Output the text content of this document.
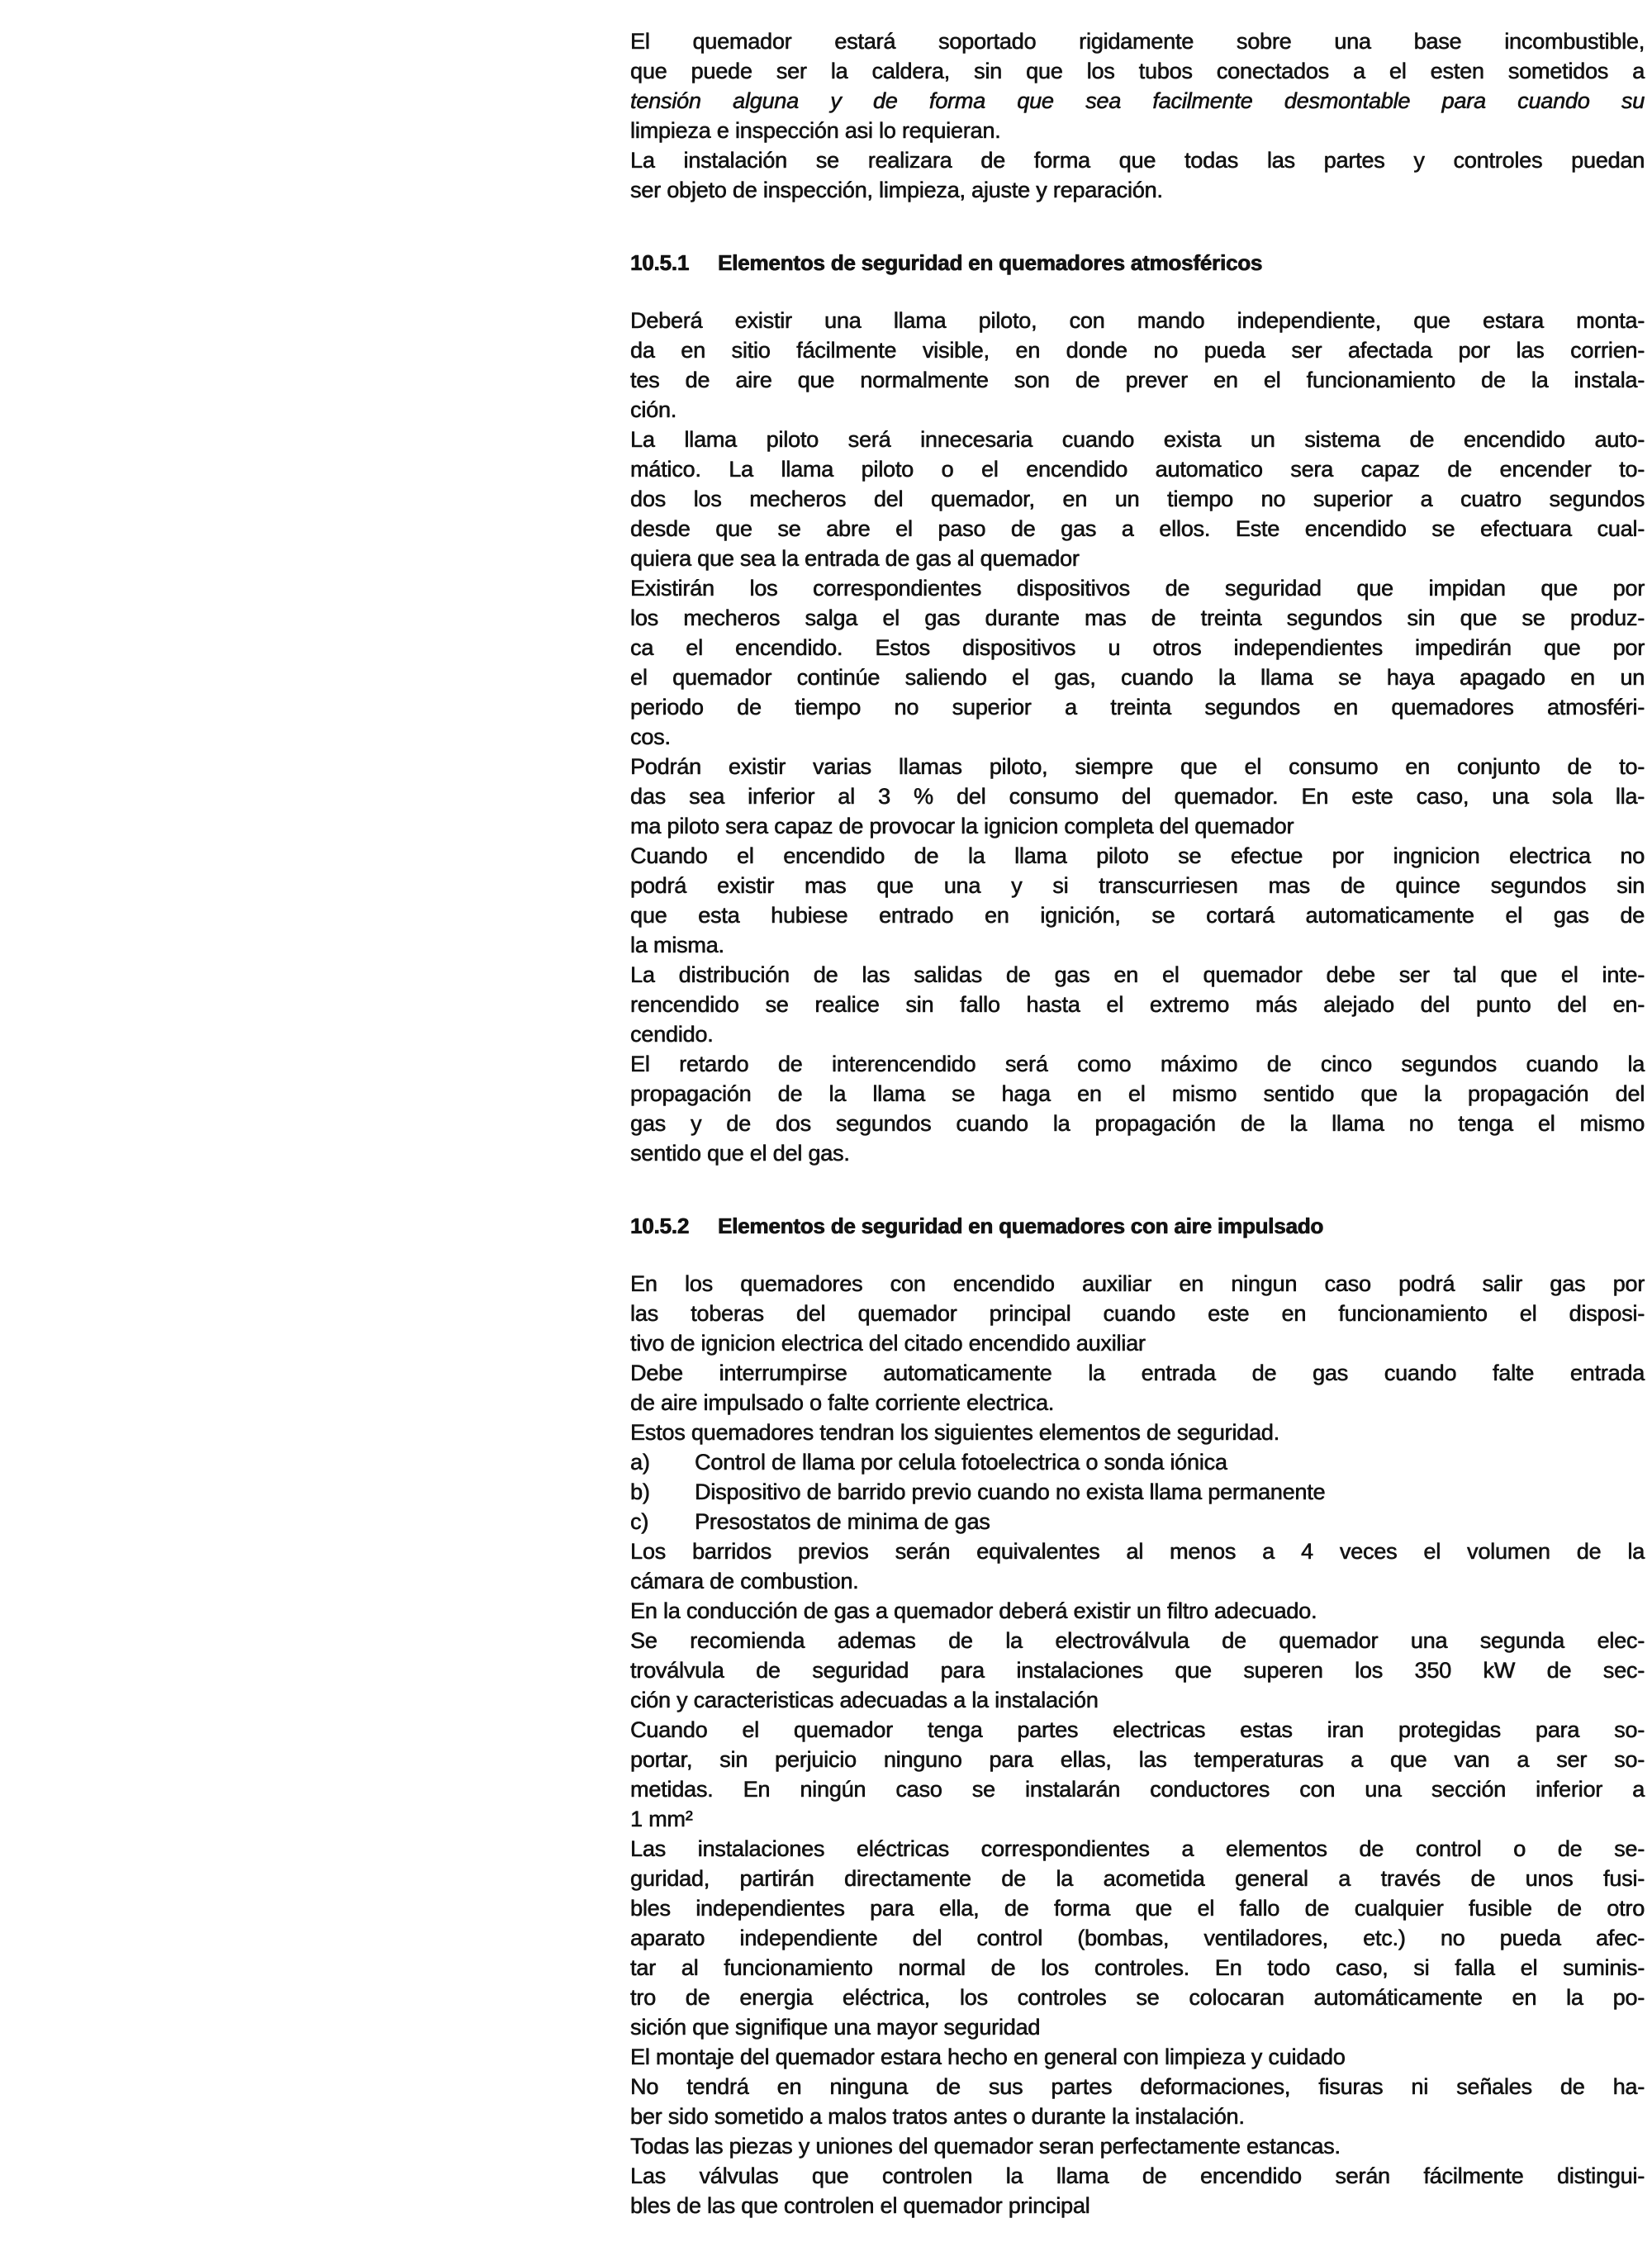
El quemador estará soportado rigidamente sobre una base incombustible,
que puede ser la caldera, sin que los tubos conectados a el esten sometidos a
tensión alguna y de forma que sea facilmente desmontable para cuando su
limpieza e inspección asi lo requieran.
La instalación se realizara de forma que todas las partes y controles puedan
ser objeto de inspección, limpieza, ajuste y reparación.
10.5.1 Elementos de seguridad en quemadores atmosféricos
Deberá existir una llama piloto, con mando independiente, que estara monta-
da en sitio fácilmente visible, en donde no pueda ser afectada por las corrien-
tes de aire que normalmente son de prever en el funcionamiento de la instala-
ción.
La llama piloto será innecesaria cuando exista un sistema de encendido auto-
mático. La llama piloto o el encendido automatico sera capaz de encender to-
dos los mecheros del quemador, en un tiempo no superior a cuatro segundos
desde que se abre el paso de gas a ellos. Este encendido se efectuara cual-
quiera que sea la entrada de gas al quemador
Existirán los correspondientes dispositivos de seguridad que impidan que por
los mecheros salga el gas durante mas de treinta segundos sin que se produz-
ca el encendido. Estos dispositivos u otros independientes impedirán que por
el quemador continúe saliendo el gas, cuando la llama se haya apagado en un
periodo de tiempo no superior a treinta segundos en quemadores atmosféri-
cos.
Podrán existir varias llamas piloto, siempre que el consumo en conjunto de to-
das sea inferior al 3 % del consumo del quemador. En este caso, una sola lla-
ma piloto sera capaz de provocar la ignicion completa del quemador
Cuando el encendido de la llama piloto se efectue por ingnicion electrica no
podrá existir mas que una y si transcurriesen mas de quince segundos sin
que esta hubiese entrado en ignición, se cortará automaticamente el gas de
la misma.
La distribución de las salidas de gas en el quemador debe ser tal que el inte-
rencendido se realice sin fallo hasta el extremo más alejado del punto del en-
cendido.
El retardo de interencendido será como máximo de cinco segundos cuando la
propagación de la llama se haga en el mismo sentido que la propagación del
gas y de dos segundos cuando la propagación de la llama no tenga el mismo
sentido que el del gas.
10.5.2 Elementos de seguridad en quemadores con aire impulsado
En los quemadores con encendido auxiliar en ningun caso podrá salir gas por
las toberas del quemador principal cuando este en funcionamiento el disposi-
tivo de ignicion electrica del citado encendido auxiliar
Debe interrumpirse automaticamente la entrada de gas cuando falte entrada
de aire impulsado o falte corriente electrica.
Estos quemadores tendran los siguientes elementos de seguridad.
a) Control de llama por celula fotoelectrica o sonda iónica
b) Dispositivo de barrido previo cuando no exista llama permanente
c) Presostatos de minima de gas
Los barridos previos serán equivalentes al menos a 4 veces el volumen de la
cámara de combustion.
En la conducción de gas a quemador deberá existir un filtro adecuado.
Se recomienda ademas de la electroválvula de quemador una segunda elec-
troválvula de seguridad para instalaciones que superen los 350 kW de sec-
ción y caracteristicas adecuadas a la instalación
Cuando el quemador tenga partes electricas estas iran protegidas para so-
portar, sin perjuicio ninguno para ellas, las temperaturas a que van a ser so-
metidas. En ningún caso se instalarán conductores con una sección inferior a
1 mm²
Las instalaciones eléctricas correspondientes a elementos de control o de se-
guridad, partirán directamente de la acometida general a través de unos fusi-
bles independientes para ella, de forma que el fallo de cualquier fusible de otro
aparato independiente del control (bombas, ventiladores, etc.) no pueda afec-
tar al funcionamiento normal de los controles. En todo caso, si falla el suminis-
tro de energia eléctrica, los controles se colocaran automáticamente en la po-
sición que signifique una mayor seguridad
El montaje del quemador estara hecho en general con limpieza y cuidado
No tendrá en ninguna de sus partes deformaciones, fisuras ni señales de ha-
ber sido sometido a malos tratos antes o durante la instalación.
Todas las piezas y uniones del quemador seran perfectamente estancas.
Las válvulas que controlen la llama de encendido serán fácilmente distingui-
bles de las que controlen el quemador principal
